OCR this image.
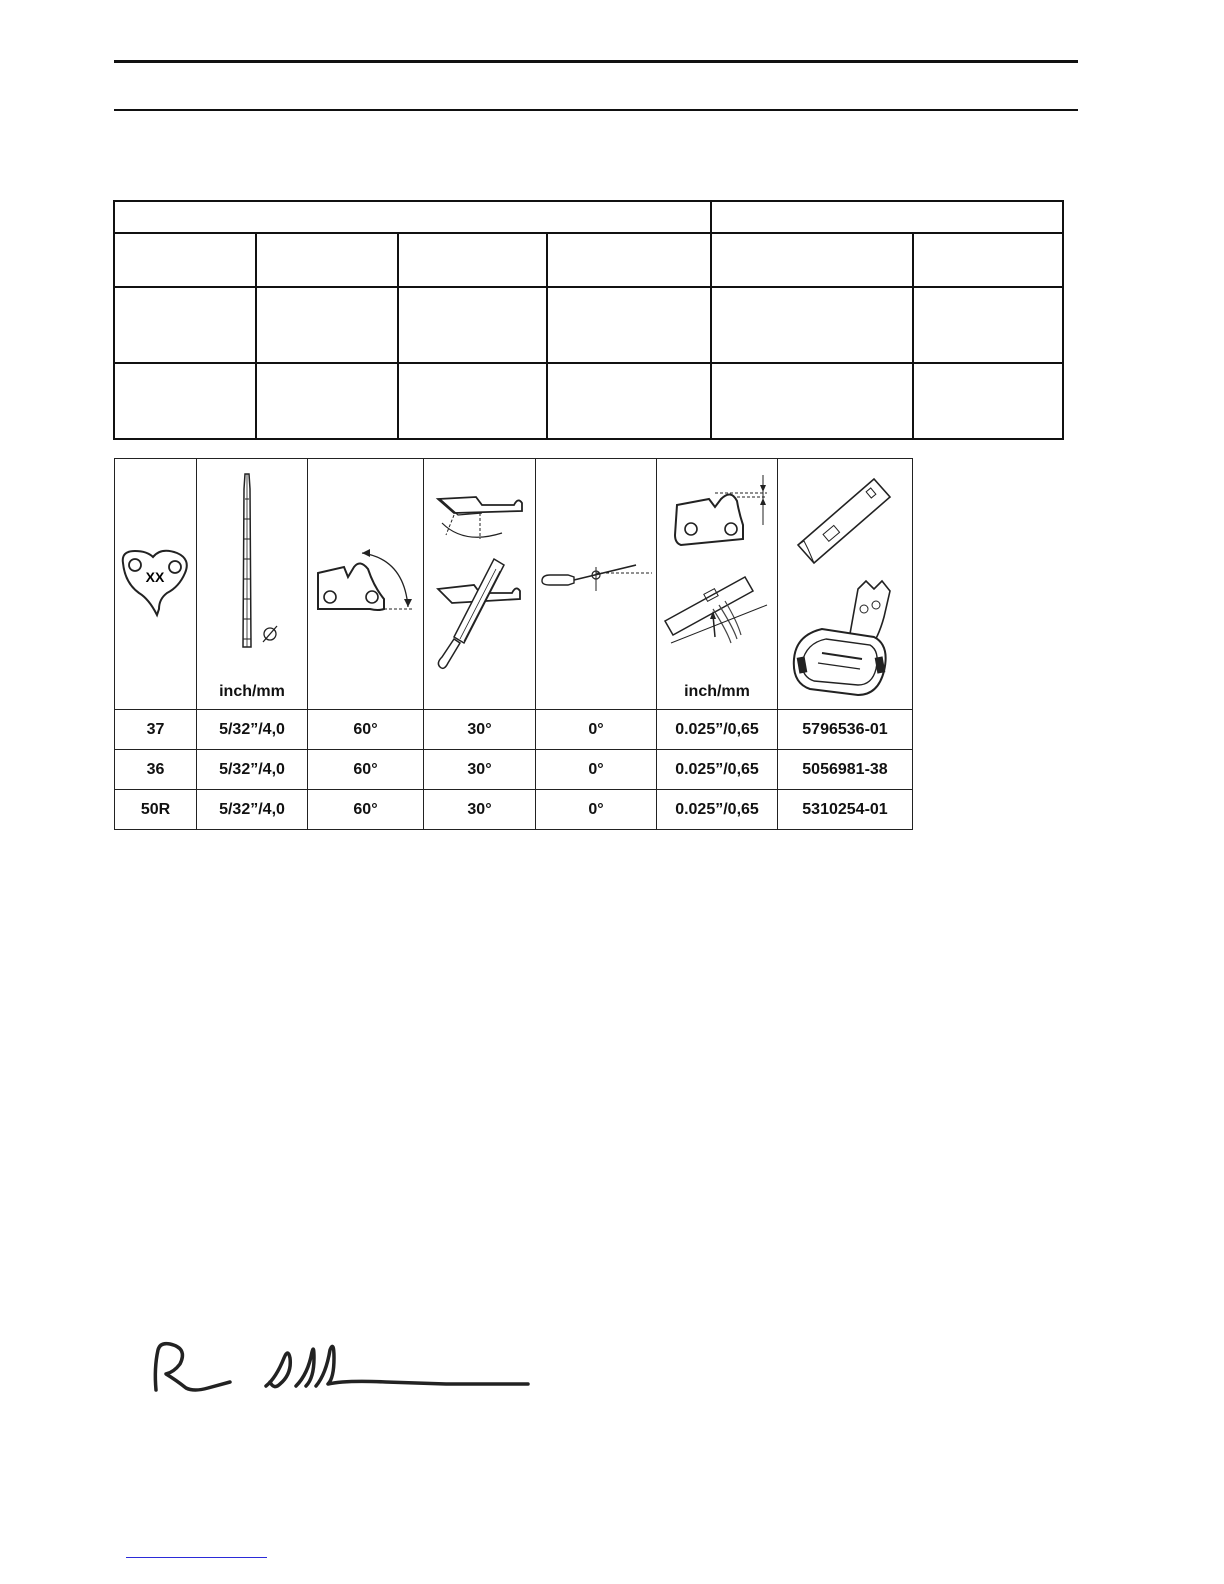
XX	inch/mm				inch/mm

37	5/32”/4,0	60°	30°	0°	0.025”/0,65	5796536-01
36	5/32”/4,0	60°	30°	0°	0.025”/0,65	5056981-38
50R	5/32”/4,0	60°	30°	0°	0.025”/0,65	5310254-01
